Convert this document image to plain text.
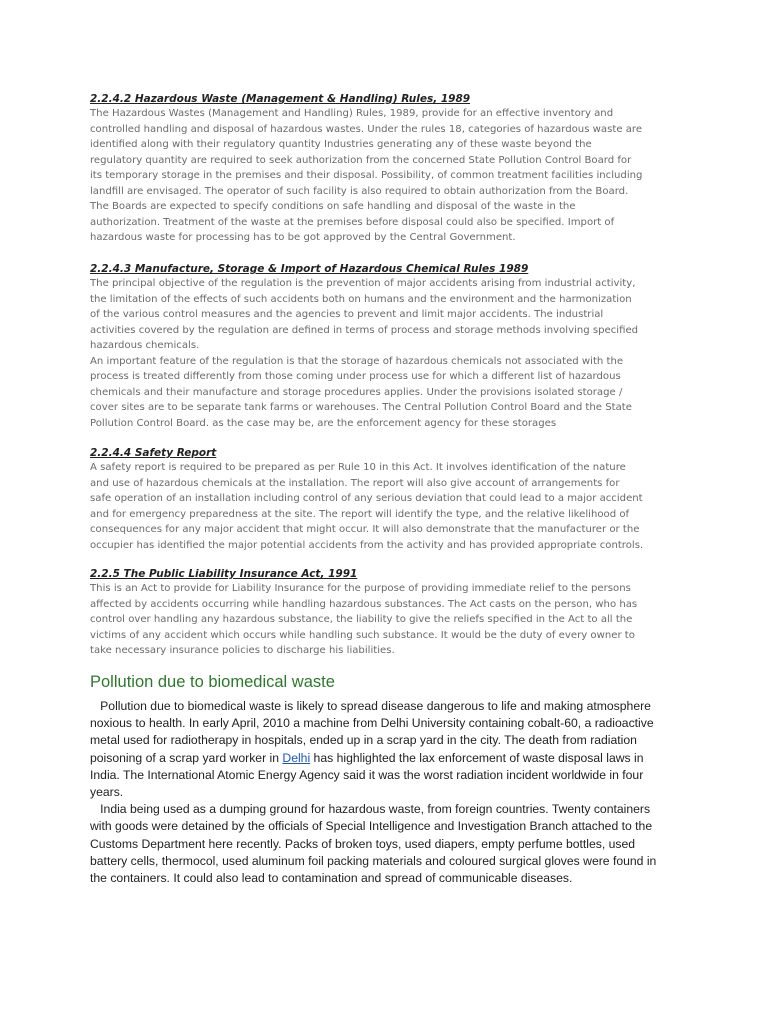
2.2.4.2 Hazardous Waste (Management & Handling) Rules, 1989
The Hazardous Wastes (Management and Handling) Rules, 1989, provide for an effective inventory and
controlled handling and disposal of hazardous wastes. Under the rules 18, categories of hazardous waste are
identified along with their regulatory quantity Industries generating any of these waste beyond the
regulatory quantity are required to seek authorization from the concerned State Pollution Control Board for
its temporary storage in the premises and their disposal. Possibility, of common treatment facilities including
landfill are envisaged. The operator of such facility is also required to obtain authorization from the Board.
The Boards are expected to specify conditions on safe handling and disposal of the waste in the
authorization. Treatment of the waste at the premises before disposal could also be specified. Import of
hazardous waste for processing has to be got approved by the Central Government.
2.2.4.3 Manufacture, Storage & Import of Hazardous Chemical Rules 1989
The principal objective of the regulation is the prevention of major accidents arising from industrial activity,
the limitation of the effects of such accidents both on humans and the environment and the harmonization
of the various control measures and the agencies to prevent and limit major accidents. The industrial
activities covered by the regulation are defined in terms of process and storage methods involving specified
hazardous chemicals.
An important feature of the regulation is that the storage of hazardous chemicals not associated with the
process is treated differently from those coming under process use for which a different list of hazardous
chemicals and their manufacture and storage procedures applies. Under the provisions isolated storage /
cover sites are to be separate tank farms or warehouses. The Central Pollution Control Board and the State
Pollution Control Board. as the case may be, are the enforcement agency for these storages
2.2.4.4 Safety Report
A safety report is required to be prepared as per Rule 10 in this Act. It involves identification of the nature
and use of hazardous chemicals at the installation. The report will also give account of arrangements for
safe operation of an installation including control of any serious deviation that could lead to a major accident
and for emergency preparedness at the site. The report will identify the type, and the relative likelihood of
consequences for any major accident that might occur. It will also demonstrate that the manufacturer or the
occupier has identified the major potential accidents from the activity and has provided appropriate controls.
2.2.5 The Public Liability Insurance Act, 1991
This is an Act to provide for Liability Insurance for the purpose of providing immediate relief to the persons
affected by accidents occurring while handling hazardous substances. The Act casts on the person, who has
control over handling any hazardous substance, the liability to give the reliefs specified in the Act to all the
victims of any accident which occurs while handling such substance. It would be the duty of every owner to
take necessary insurance policies to discharge his liabilities.
Pollution due to biomedical waste
Pollution due to biomedical waste is likely to spread disease dangerous to life and making atmosphere
noxious to health. In early April, 2010 a machine from Delhi University containing cobalt-60, a radioactive
metal used for radiotherapy in hospitals, ended up in a scrap yard in the city. The death from radiation
poisoning of a scrap yard worker in Delhi has highlighted the lax enforcement of waste disposal laws in
India. The International Atomic Energy Agency said it was the worst radiation incident worldwide in four
years.
India being used as a dumping ground for hazardous waste, from foreign countries. Twenty containers
with goods were detained by the officials of Special Intelligence and Investigation Branch attached to the
Customs Department here recently. Packs of broken toys, used diapers, empty perfume bottles, used
battery cells, thermocol, used aluminum foil packing materials and coloured surgical gloves were found in
the containers. It could also lead to contamination and spread of communicable diseases.
